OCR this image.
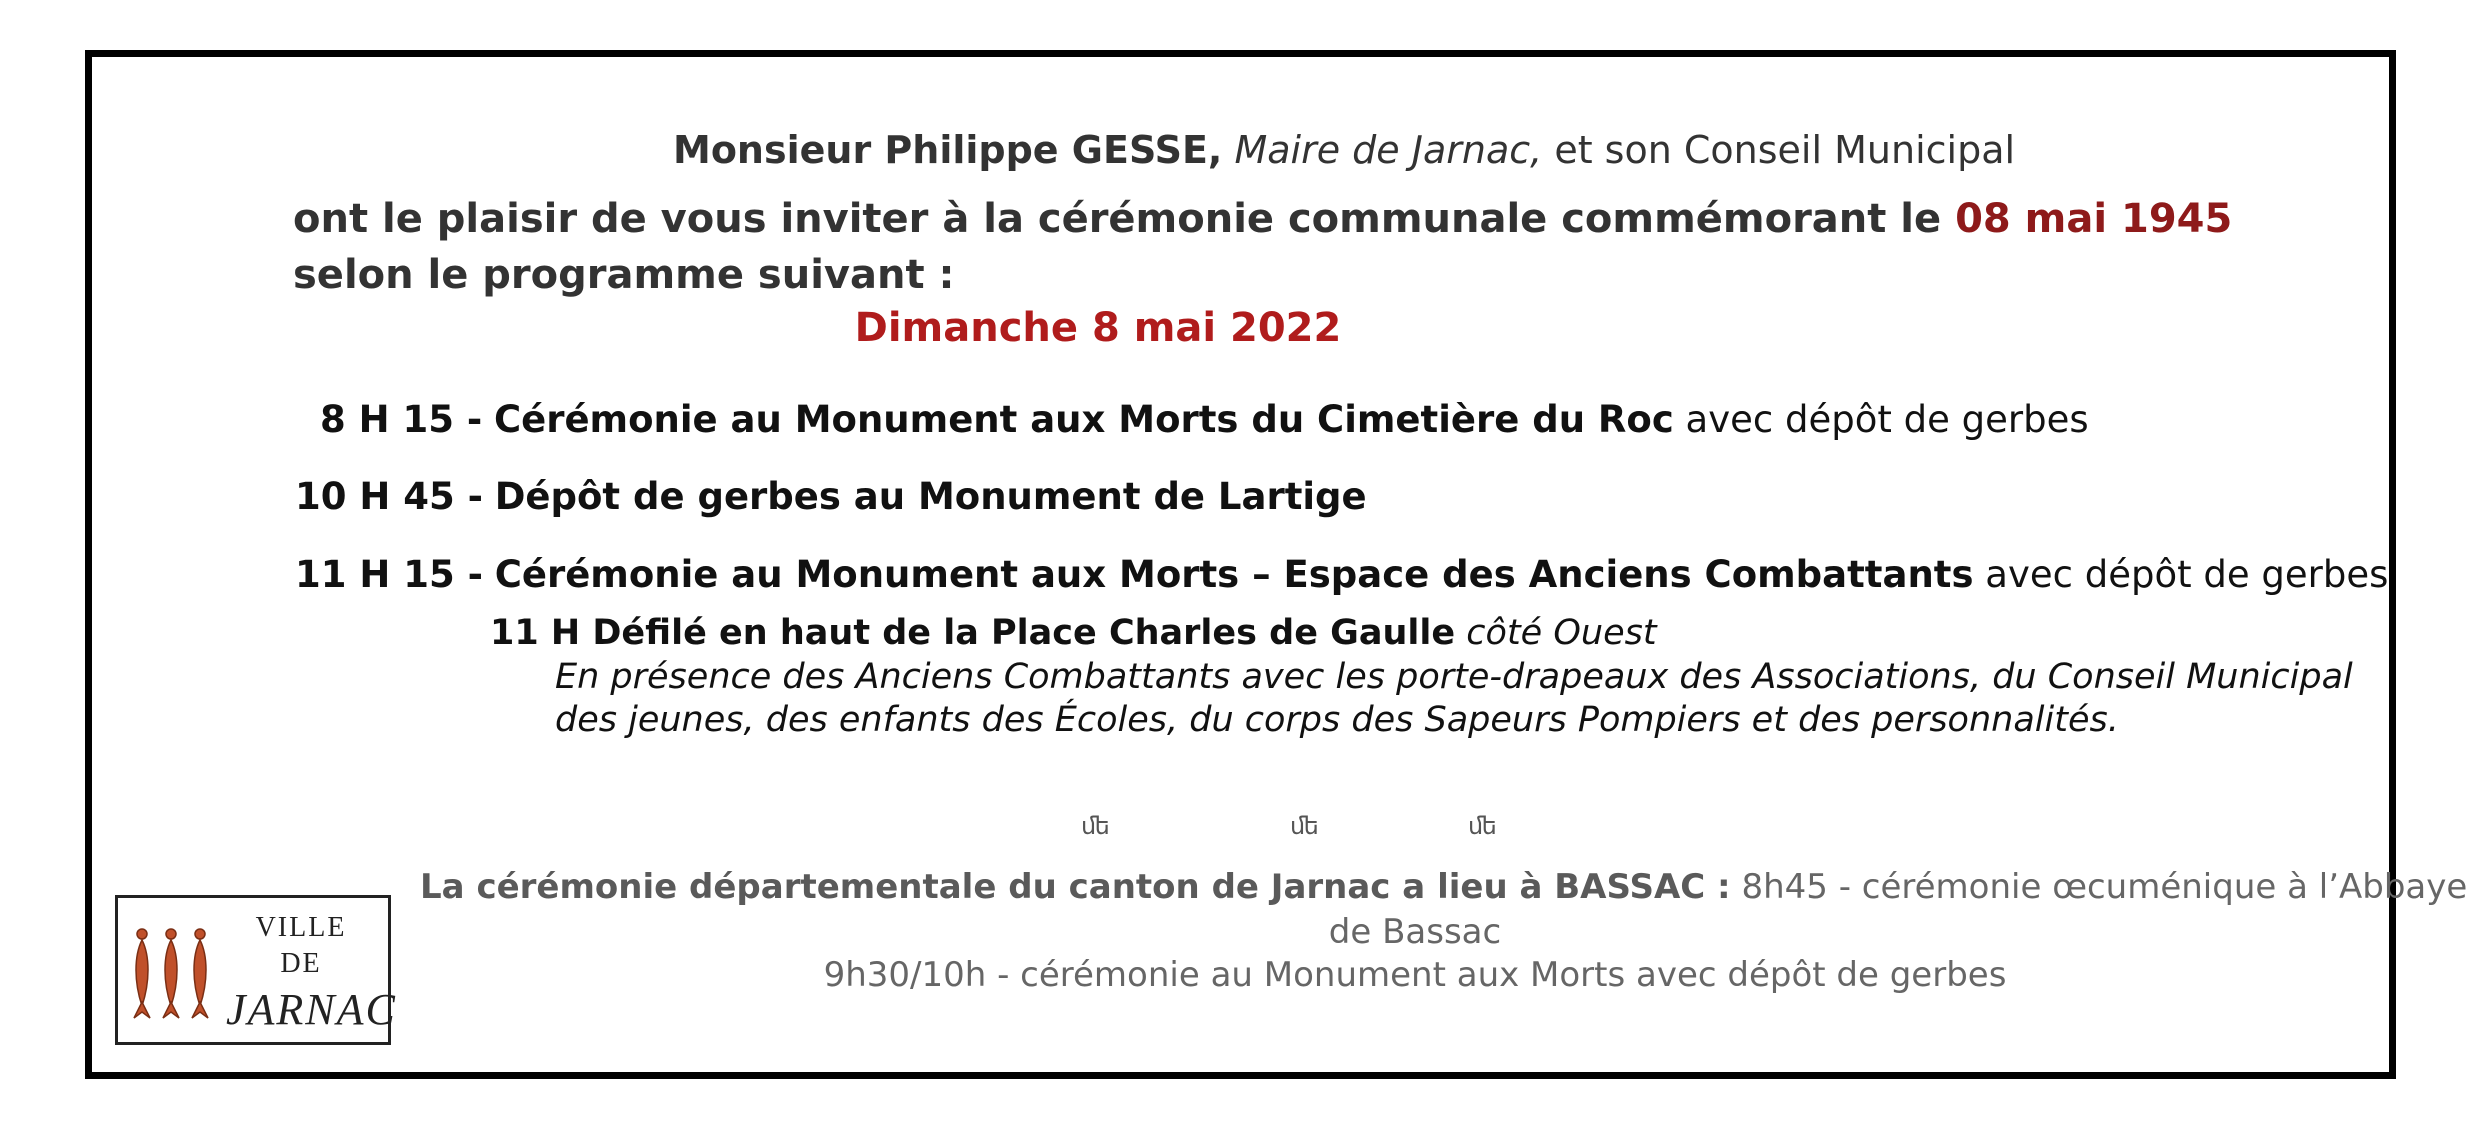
Monsieur Philippe GESSE, Maire de Jarnac, et son Conseil Municipal
ont le plaisir de vous inviter à la cérémonie communale commémorant le 08 mai 1945
selon le programme suivant :
Dimanche 8 mai 2022
8 H 15 - Cérémonie au Monument aux Morts du Cimetière du Roc avec dépôt de gerbes
10 H 45 - Dépôt de gerbes au Monument de Lartige
11 H 15 - Cérémonie au Monument aux Morts – Espace des Anciens Combattants avec dépôt de gerbes
11 H Défilé en haut de la Place Charles de Gaulle côté Ouest
En présence des Anciens Combattants avec les porte-drapeaux des Associations, du Conseil Municipal
des jeunes, des enfants des Écoles, du corps des Sapeurs Pompiers et des personnalités.
ﬔ	ﬔ	ﬔ
La cérémonie départementale du canton de Jarnac a lieu à BASSAC : 8h45 - cérémonie œcuménique à l’Abbaye
de Bassac
9h30/10h - cérémonie au Monument aux Morts avec dépôt de gerbes
VILLE
DE
JARNAC
